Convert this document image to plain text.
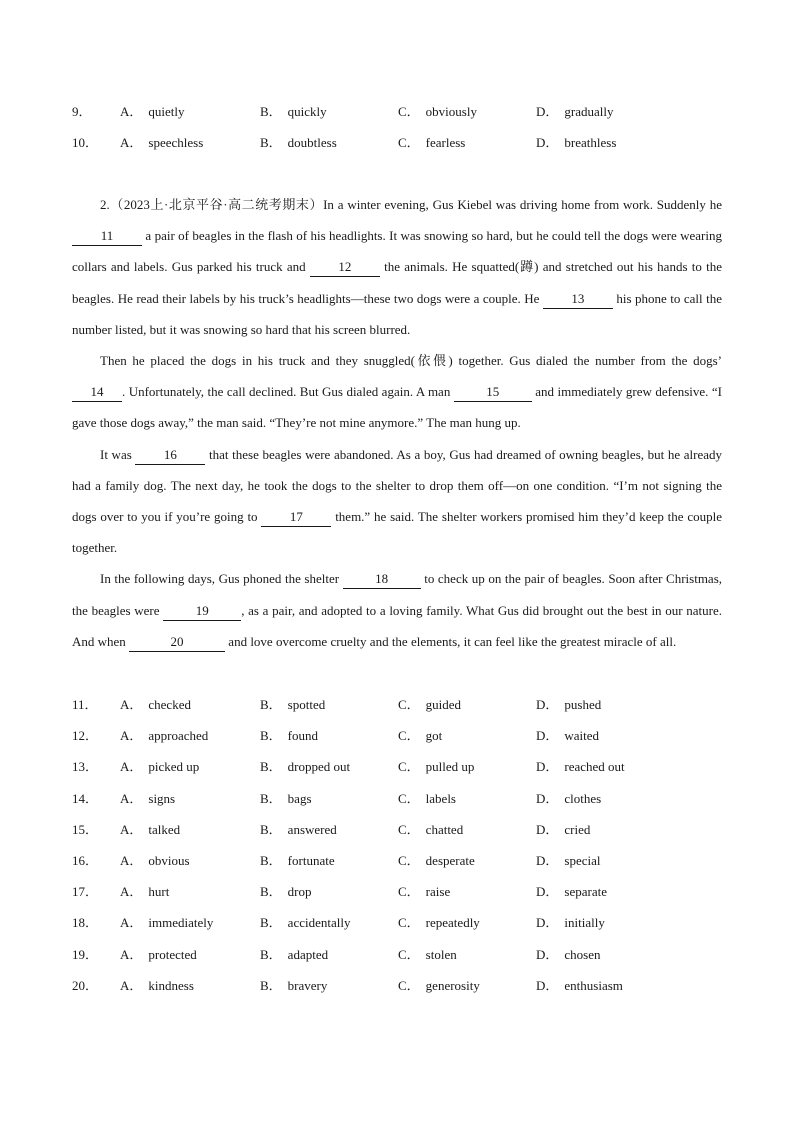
9．	A． quietly	B． quickly	C． obviously	D． gradually
10．	A． speechless	B． doubtless	C． fearless	D． breathless

2.（2023上·北京平谷·高二统考期末）In a winter evening, Gus Kiebel was driving home from work. Suddenly he 11 a pair of beagles in the flash of his headlights. It was snowing so hard, but he could tell the dogs were wearing collars and labels. Gus parked his truck and 12 the animals. He squatted(蹲) and stretched out his hands to the beagles. He read their labels by his truck’s headlights—these two dogs were a couple. He 13 his phone to call the number listed, but it was snowing so hard that his screen blurred.

Then he placed the dogs in his truck and they snuggled(依偎) together. Gus dialed the number from the dogs’ 14 . Unfortunately, the call declined. But Gus dialed again. A man	15	and immediately grew defensive. “I gave those dogs away,” the man said. “They’re not mine anymore.” The man hung up.

It was 16 that these beagles were abandoned. As a boy, Gus had dreamed of owning beagles, but he already had a family dog. The next day, he took the dogs to the shelter to drop them off—on one condition. “I’m not signing the dogs over to you if you’re going to 17 them.” he said. The shelter workers promised him they’d keep the couple together.

In the following days, Gus phoned the shelter	18	to check up on the pair of beagles. Soon after Christmas, the beagles were	19	, as a pair, and adopted to a loving family. What Gus did brought out the best in our nature. And when	20	and love overcome cruelty and the elements, it can feel like the greatest miracle of all.

11．	A． checked	B． spotted	C． guided	D． pushed
12．	A． approached	B． found	C． got	D． waited
13．	A． picked up	B． dropped out	C． pulled up	D． reached out
14．	A． signs	B． bags	C． labels	D． clothes
15．	A． talked	B． answered	C． chatted	D． cried
16．	A． obvious	B． fortunate	C． desperate	D． special
17．	A． hurt	B． drop	C． raise	D． separate
18．	A． immediately	B． accidentally	C． repeatedly	D． initially
19．	A． protected	B． adapted	C． stolen	D． chosen
20．	A． kindness	B． bravery	C． generosity	D． enthusiasm
